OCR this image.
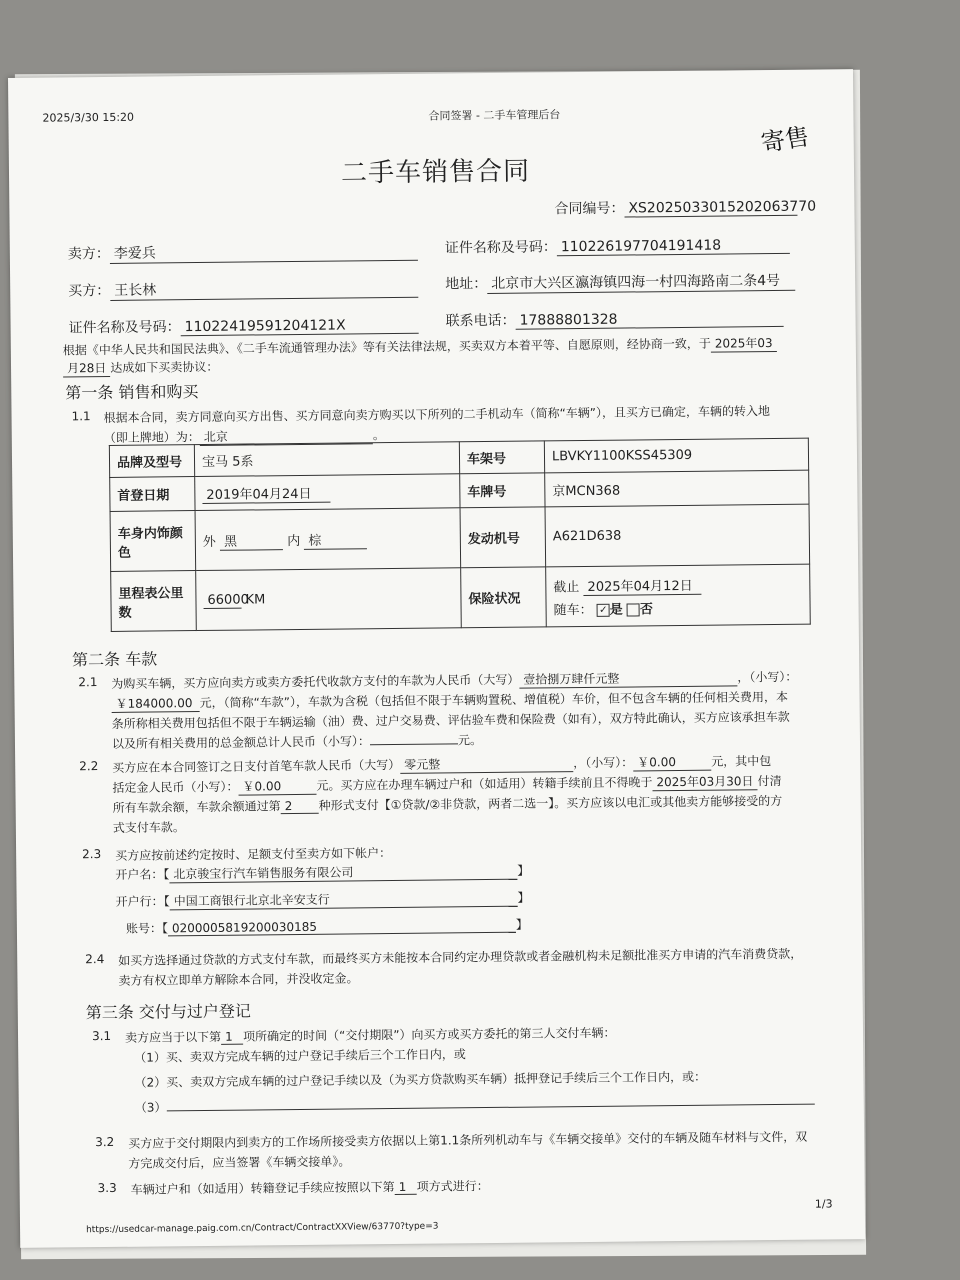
2025/3/30 15:20	合同签署 - 二手车管理后台
寄售
二手车销售合同
合同编号： XS20250330152020637​70
卖方： 李爱兵	证件名称及号码： 110226197704191418
买方： 王长林	地址： 北京市大兴区瀛海镇四海一村四海路南二条4号
证件名称及号码： 11022419591204121X	联系电话： 17888801328
根据《中华人民共和国民法典》、《二手车流通管理办法》等有关法律法规，买卖双方本着平等、自愿原则，经协商一致，于 2025年03
月28日 达成如下买卖协议：
第一条 销售和购买
1.1 根据本合同，卖方同意向买方出售、买方同意向卖方购买以下所列的二手机动车（简称“车辆”），且买方已确定，车辆的转入地
（即上牌地）为： 北京	。
品牌及型号	宝马 5系	车架号	LBVKY1100KSS45309
首登日期	2019年04月24日	车牌号	京MCN368
车身内饰颜色	外 黑 内 棕	发动机号	A621D638
里程表公里数	66000 KM	保险状况	截止 2025年04月12日
随车： ✓ 是 否
第二条 车款
2.1 为购买车辆，买方应向卖方或卖方委托代收款方支付的车款为人民币（大写） 壹拾捌万肆仟元整	，（小写）：
￥184000.00 元，（简称“车款”），车款为含税（包括但不限于车辆购置税、增值税）车价，但不包含车辆的任何相关费用，本
条所称相关费用包括但不限于车辆运输（油）费、过户交易费、评估验车费和保险费（如有），双方特此确认，买方应该承担车款
以及所有相关费用的总金额总计人民币（小写）：	元。
2.2 买方应在本合同签订之日支付首笔车款人民币（大写） 零元整	，（小写）： ￥0.00	元，其中包
括定金人民币（小写）： ￥0.00	元。买方应在办理车辆过户和（如适用）转籍手续前且不得晚于 2025年03月30日 付清
所有车款余额，车款余额通过第 2 种形式支付【①贷款/②非贷款，两者二选一】。买方应该以电汇或其他卖方能够接受的方
式支付车款。
2.3 买方应按前述约定按时、足额支付至卖方如下帐户：
开户名：【 北京骏宝行汽车销售服务有限公司	】
开户行：【 中国工商银行北京北辛安支行	】
账号：【 0200005819200030185	】
2.4 如买方选择通过贷款的方式支付车款，而最终买方未能按本合同约定办理贷款或者金融机构未足额批准买方申请的汽车消费贷款，
卖方有权立即单方解除本合同，并没收定金。
第三条 交付与过户登记
3.1 卖方应当于以下第 1 项所确定的时间（“交付期限”）向买方或买方委托的第三人交付车辆：
（1）买、卖双方完成车辆的过户登记手续后三个工作日内，或
（2）买、卖双方完成车辆的过户登记手续以及（为买方贷款购买车辆）抵押登记手续后三个工作日内，或：
（3）
3.2 买方应于交付期限内到卖方的工作场所接受卖方依据以上第1.1条所列机动车与《车辆交接单》交付的车辆及随车材料与文件，双
方完成交付后，应当签署《车辆交接单》。
3.3 车辆过户和（如适用）转籍登记手续应按照以下第 1 项方式进行：
https://usedcar-manage.paig.com.cn/Contract/ContractXXView/63770?type=3
1/3
